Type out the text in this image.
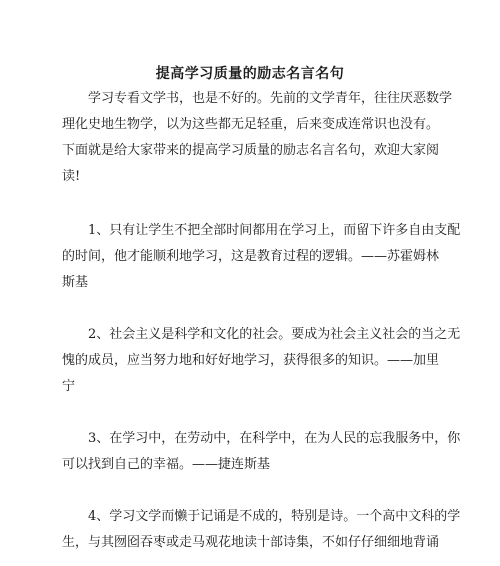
提高学习质量的励志名言名句

学习专看文学书，也是不好的。先前的文学青年，往往厌恶数学
理化史地生物学，以为这些都无足轻重，后来变成连常识也没有。
下面就是给大家带来的提高学习质量的励志名言名句，欢迎大家阅
读!

1、只有让学生不把全部时间都用在学习上，而留下许多自由支配
的时间，他才能顺利地学习，这是教育过程的逻辑。——苏霍姆林
斯基

2、社会主义是科学和文化的社会。要成为社会主义社会的当之无
愧的成员，应当努力地和好好地学习，获得很多的知识。——加里
宁

3、在学习中，在劳动中，在科学中，在为人民的忘我服务中，你
可以找到自己的幸福。——捷连斯基

4、学习文学而懒于记诵是不成的，特别是诗。一个高中文科的学
生，与其囫囵吞枣或走马观花地读十部诗集，不如仔仔细细地背诵
